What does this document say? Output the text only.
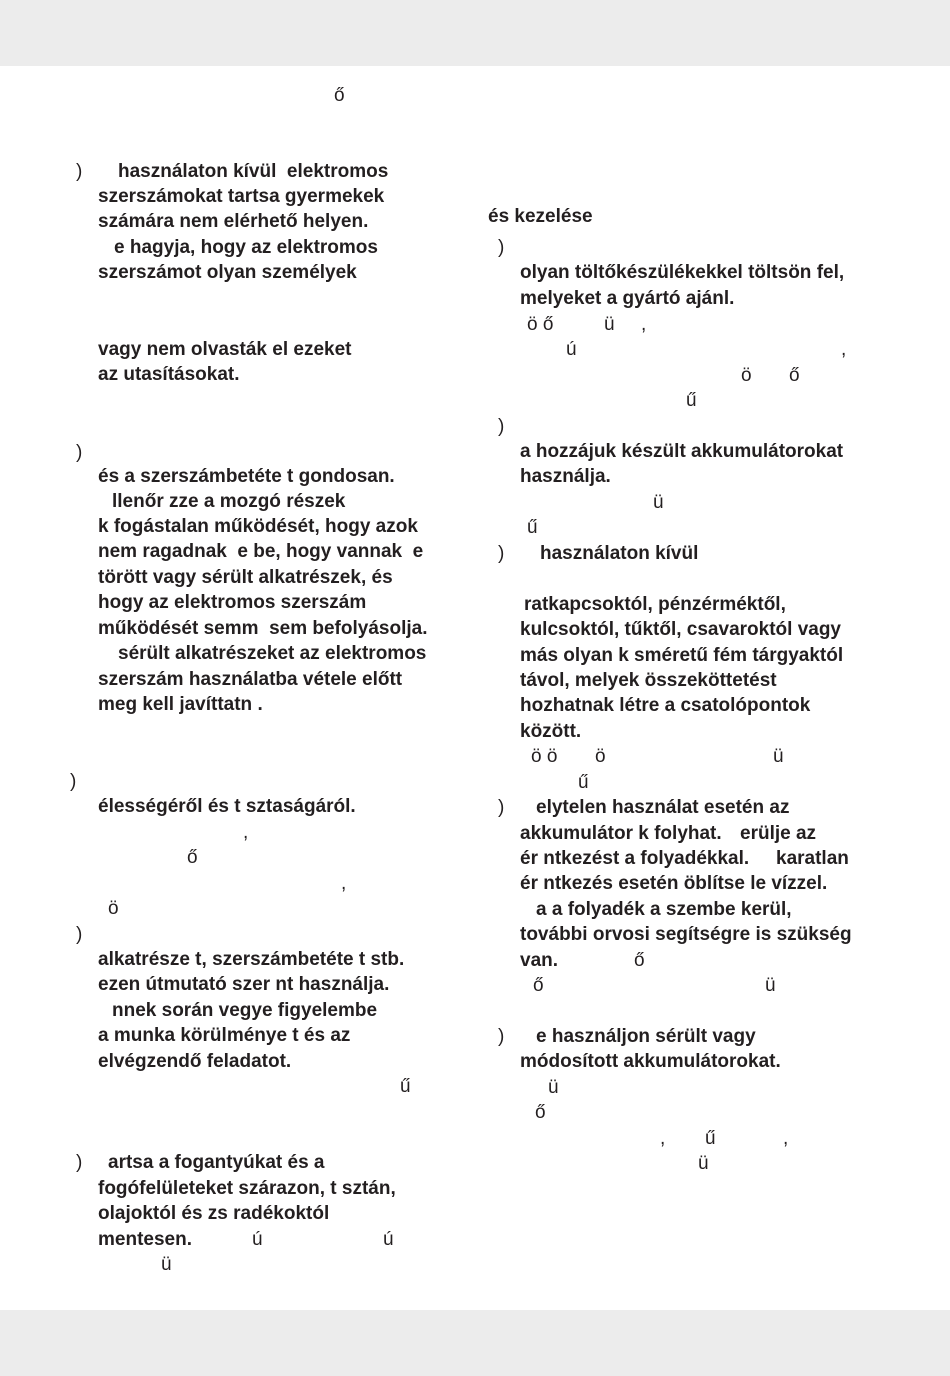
ő
) használaton kívül  elektromos
szerszámokat tartsa gyermekek
számára nem elérhető helyen.
e hagyja, hogy az elektromos
szerszámot olyan személyek
vagy nem olvasták el ezeket
az utasításokat.
)
és a szerszámbetéte t gondosan.
llenőr zze a mozgó részek
k fogástalan működését, hogy azok
nem ragadnak  e be, hogy vannak  e
törött vagy sérült alkatrészek, és
hogy az elektromos szerszám
működését semm  sem befolyásolja.
sérült alkatrészeket az elektromos
szerszám használatba vétele előtt
meg kell javíttatn .
)
élességéről és t sztaságáról.
,
ő
,
ö
)
alkatrésze t, szerszámbetéte t stb.
ezen útmutató szer nt használja.
nnek során vegye figyelembe
a munka körülménye t és az
elvégzendő feladatot.
ű
) artsa a fogantyúkat és a
fogófelületeket szárazon, t sztán,
olajoktól és zs radékoktól
mentesen.	ú	ú
ü
és kezelése
)
olyan töltőkészülékekkel töltsön fel,
melyeket a gyártó ajánl.
ö ő	ü ,
ú	,
ö ő
ű
)
a hozzájuk készült akkumulátorokat
használja.
ü
ű
) használaton kívül
ratkapcsoktól, pénzérméktől,
kulcsoktól, tűktől, csavaroktól vagy
más olyan k sméretű fém tárgyaktól
távol, melyek összeköttetést
hozhatnak létre a csatolópontok
között.
ö ö ö	ü
ű
) elytelen használat esetén az
akkumulátor k folyhat. erülje az
ér ntkezést a folyadékkal. karatlan
ér ntkezés esetén öblítse le vízzel.
a a folyadék a szembe kerül,
további orvosi segítségre is szükség
van.	ő
ő	ü
) e használjon sérült vagy
módosított akkumulátorokat.
ü
ő
, ű	,
ü
